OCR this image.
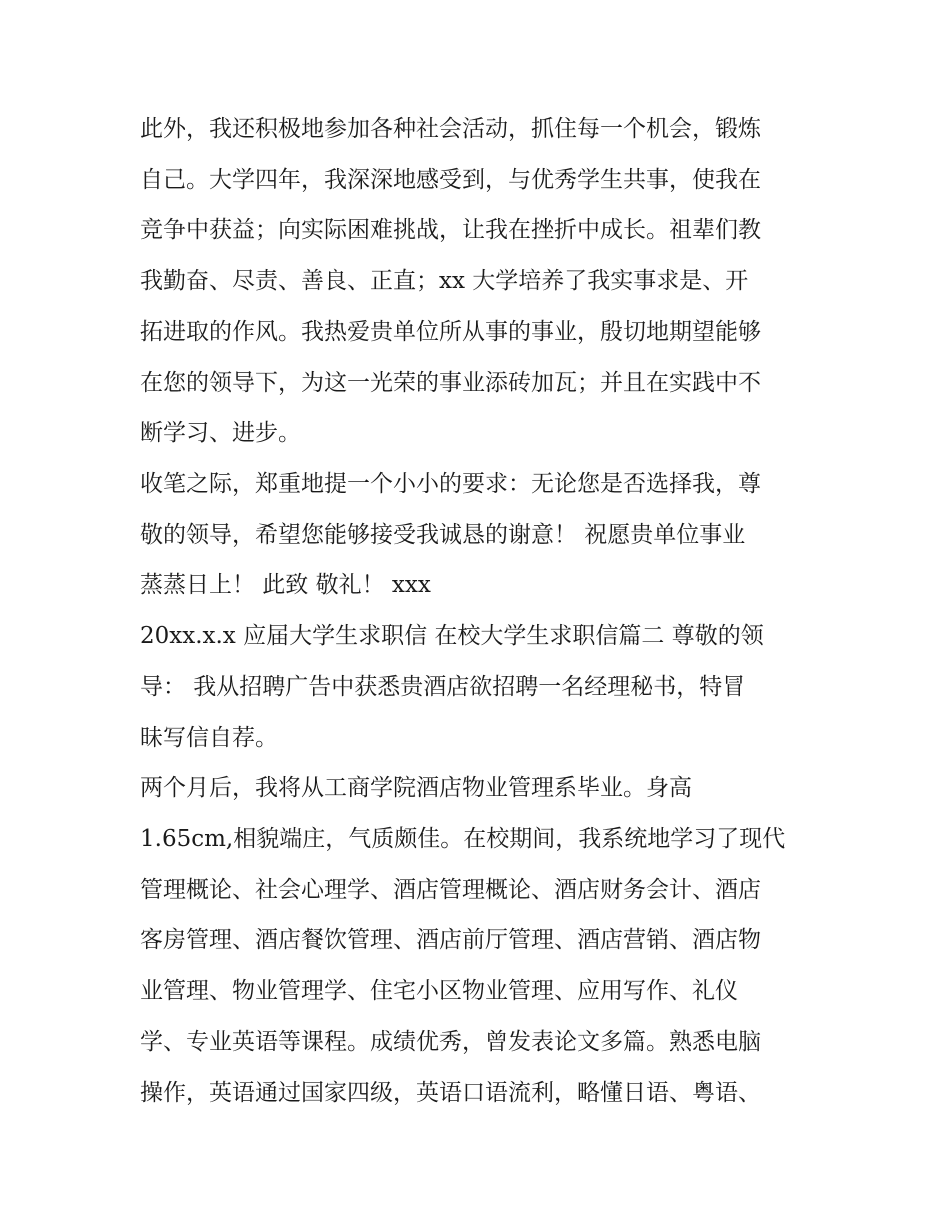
此外，我还积极地参加各种社会活动，抓住每一个机会，锻炼
自己。大学四年，我深深地感受到，与优秀学生共事，使我在
竞争中获益；向实际困难挑战，让我在挫折中成长。祖辈们教
我勤奋、尽责、善良、正直；xx 大学培养了我实事求是、开
拓进取的作风。我热爱贵单位所从事的事业，殷切地期望能够
在您的领导下，为这一光荣的事业添砖加瓦；并且在实践中不
断学习、进步。
收笔之际，郑重地提一个小小的要求：无论您是否选择我，尊
敬的领导，希望您能够接受我诚恳的谢意！ 祝愿贵单位事业
蒸蒸日上！ 此致 敬礼！ xxx
20xx.x.x 应届大学生求职信 在校大学生求职信篇二 尊敬的领
导： 我从招聘广告中获悉贵酒店欲招聘一名经理秘书，特冒
昧写信自荐。
两个月后，我将从工商学院酒店物业管理系毕业。身高
1.65cm,相貌端庄，气质颇佳。在校期间，我系统地学习了现代
管理概论、社会心理学、酒店管理概论、酒店财务会计、酒店
客房管理、酒店餐饮管理、酒店前厅管理、酒店营销、酒店物
业管理、物业管理学、住宅小区物业管理、应用写作、礼仪
学、专业英语等课程。成绩优秀，曾发表论文多篇。熟悉电脑
操作，英语通过国家四级，英语口语流利，略懂日语、粤语、
